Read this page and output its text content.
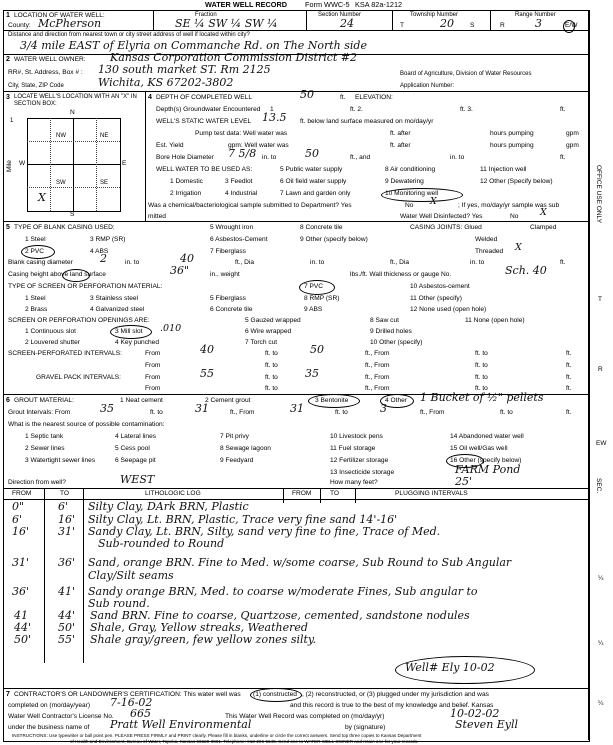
WATER WELL RECORD Form WWC-5 KSA 82a-1212
1 LOCATION OF WATER WELL:	Fraction	Section Number	Township Number	Range Number
County: McPherson	SE ¼ SW ¼ SW ¼	24	T	20 S	R	3	E/W
Distance and direction from nearest town or city street address of well if located within city?
3/4 mile EAST of Elyria on Commanche Rd. on The North side
2 WATER WELL OWNER: Kansas Corporation Commission District #2
RR#, St. Address, Box # : 130 south market ST. Rm 2125	Board of Agriculture, Division of Water Resources
City, State, ZIP Code	Wichita, KS 67202-3802	Application Number:
3 LOCATE WELL'S LOCATION WITH AN "X" IN SECTION BOX:
N
S
W	E
NW	NE
SW	SE
X
Mile
1
4 DEPTH OF COMPLETED WELL	50	ft. ELEVATION:
Depth(s) Groundwater Encountered 1	ft. 2.	ft. 3.	ft.
WELL'S STATIC WATER LEVEL 13.5 ft. below land surface measured on mo/day/yr
Pump test data: Well water was	ft. after	hours pumping	gpm
Est. Yield	gpm: Well water was	ft. after	hours pumping	gpm
Bore Hole Diameter 7 5/8 in. to	50	ft., and	in. to	ft.
WELL WATER TO BE USED AS:	5 Public water supply	8 Air conditioning	11 Injection well
1 Domestic	3 Feedlot	6 Oil field water supply	9 Dewatering	12 Other (Specify below)
2 Irrigation	4 Industrial	7 Lawn and garden only	10 Monitoring well
Was a chemical/bacteriological sample submitted to Department? Yes	No X	; If yes, mo/day/yr sample was sub
mitted	Water Well Disinfected? Yes	No X
5 TYPE OF BLANK CASING USED:	5 Wrought iron	8 Concrete tile	CASING JOINTS: Glued	Clamped
1 Steel	3 RMP (SR)	6 Asbestos-Cement	9 Other (specify below)	Welded
2 PVC	4 ABS	7 Fiberglass	Threaded X
Blank casing diameter 2	in. to	40	ft., Dia	in. to	ft., Dia	in. to	ft.
Casing height above land surface	36"	in., weight	lbs./ft. Wall thickness or gauge No.	Sch. 40
TYPE OF SCREEN OR PERFORATION MATERIAL:	7 PVC	10 Asbestos-cement
1 Steel	3 Stainless steel	5 Fiberglass	8 RMP (SR)	11 Other (specify)
2 Brass	4 Galvanized steel	6 Concrete tile	9 ABS	12 None used (open hole)
SCREEN OR PERFORATION OPENINGS ARE:	5 Gauzed wrapped	8 Saw cut	11 None (open hole)
1 Continuous slot	3 Mill slot .010	6 Wire wrapped	9 Drilled holes
2 Louvered shutter	4 Key punched	7 Torch cut	10 Other (specify)
SCREEN-PERFORATED INTERVALS:	From	40	ft. to	50	ft., From	ft. to	ft.
From	ft. to	ft., From	ft. to	ft.
GRAVEL PACK INTERVALS:	From	55	ft. to 35	ft., From	ft. to	ft.
From	ft. to	ft., From	ft. to	ft.
6 GROUT MATERIAL:	1 Neat cement	2 Cement grout	3 Bentonite	4 Other 1 Bucket of ½" pellets
Grout Intervals: From	35	ft. to	31	ft., From	31	ft. to	3	ft., From	ft. to	ft.
What is the nearest source of possible contamination:
1 Septic tank	4 Lateral lines	7 Pit privy	10 Livestock pens	14 Abandoned water well
2 Sewer lines	5 Cess pool	8 Sewage lagoon	11 Fuel storage	15 Oil well/Gas well
3 Watertight sewer lines	6 Seepage pit	9 Feedyard	12 Fertilizer storage	16 Other (specify below)
13 Insecticide storage	FARM Pond
Direction from well?	WEST	How many feet?	25'
FROM	TO	LITHOLOGIC LOG	FROM	TO	PLUGGING INTERVALS
0"	6' Silty Clay, DArk BRN, Plastic
6'	16' Silty Clay, Lt. BRN, Plastic, Trace very fine sand 14'-16'
16'	31' Sandy Clay, Lt. BRN, Silty, sand very fine to fine, Trace of Med.
Sub-rounded to Round
31'	36' Sand, orange BRN. Fine to Med. w/some coarse, Sub Round to Sub Angular
Clay/Silt seams
36'	41' Sandy orange BRN, Med. to coarse w/moderate Fines, Sub angular to
Sub round.
41	44' Sand BRN. Fine to coarse, Quartzose, cemented, sandstone nodules
44' 50' Shale, Gray, Yellow streaks, Weathered
50' 55' Shale gray/green, few yellow zones silty.
Well# Ely 10-02
7 CONTRACTOR'S OR LANDOWNER'S CERTIFICATION: This water well was (1) constructed , (2) reconstructed, or (3) plugged under my jurisdiction and was
completed on (mo/day/year) 7-16-02	and this record is true to the best of my knowledge and belief. Kansas
Water Well Contractor's License No. 665	This Water Well Record was completed on (mo/day/yr)	10-02-02
under the business name of Pratt Well Environmental	by (signature)	Steven Eyll
INSTRUCTIONS: Use typewriter or ball point pen. PLEASE PRESS FIRMLY and PRINT clearly. Please fill in blanks, underline or circle the correct answers. Send top three copies to Kansas Department
of Health and Environment, Bureau of Water, Topeka, Kansas 66620-0001. Telephone: 913-296-5545. Send one to WATER WELL OWNER and retain one for your records.
OFFICE USE ONLY
T
R
EW
SEC.
¼
¼
¼
